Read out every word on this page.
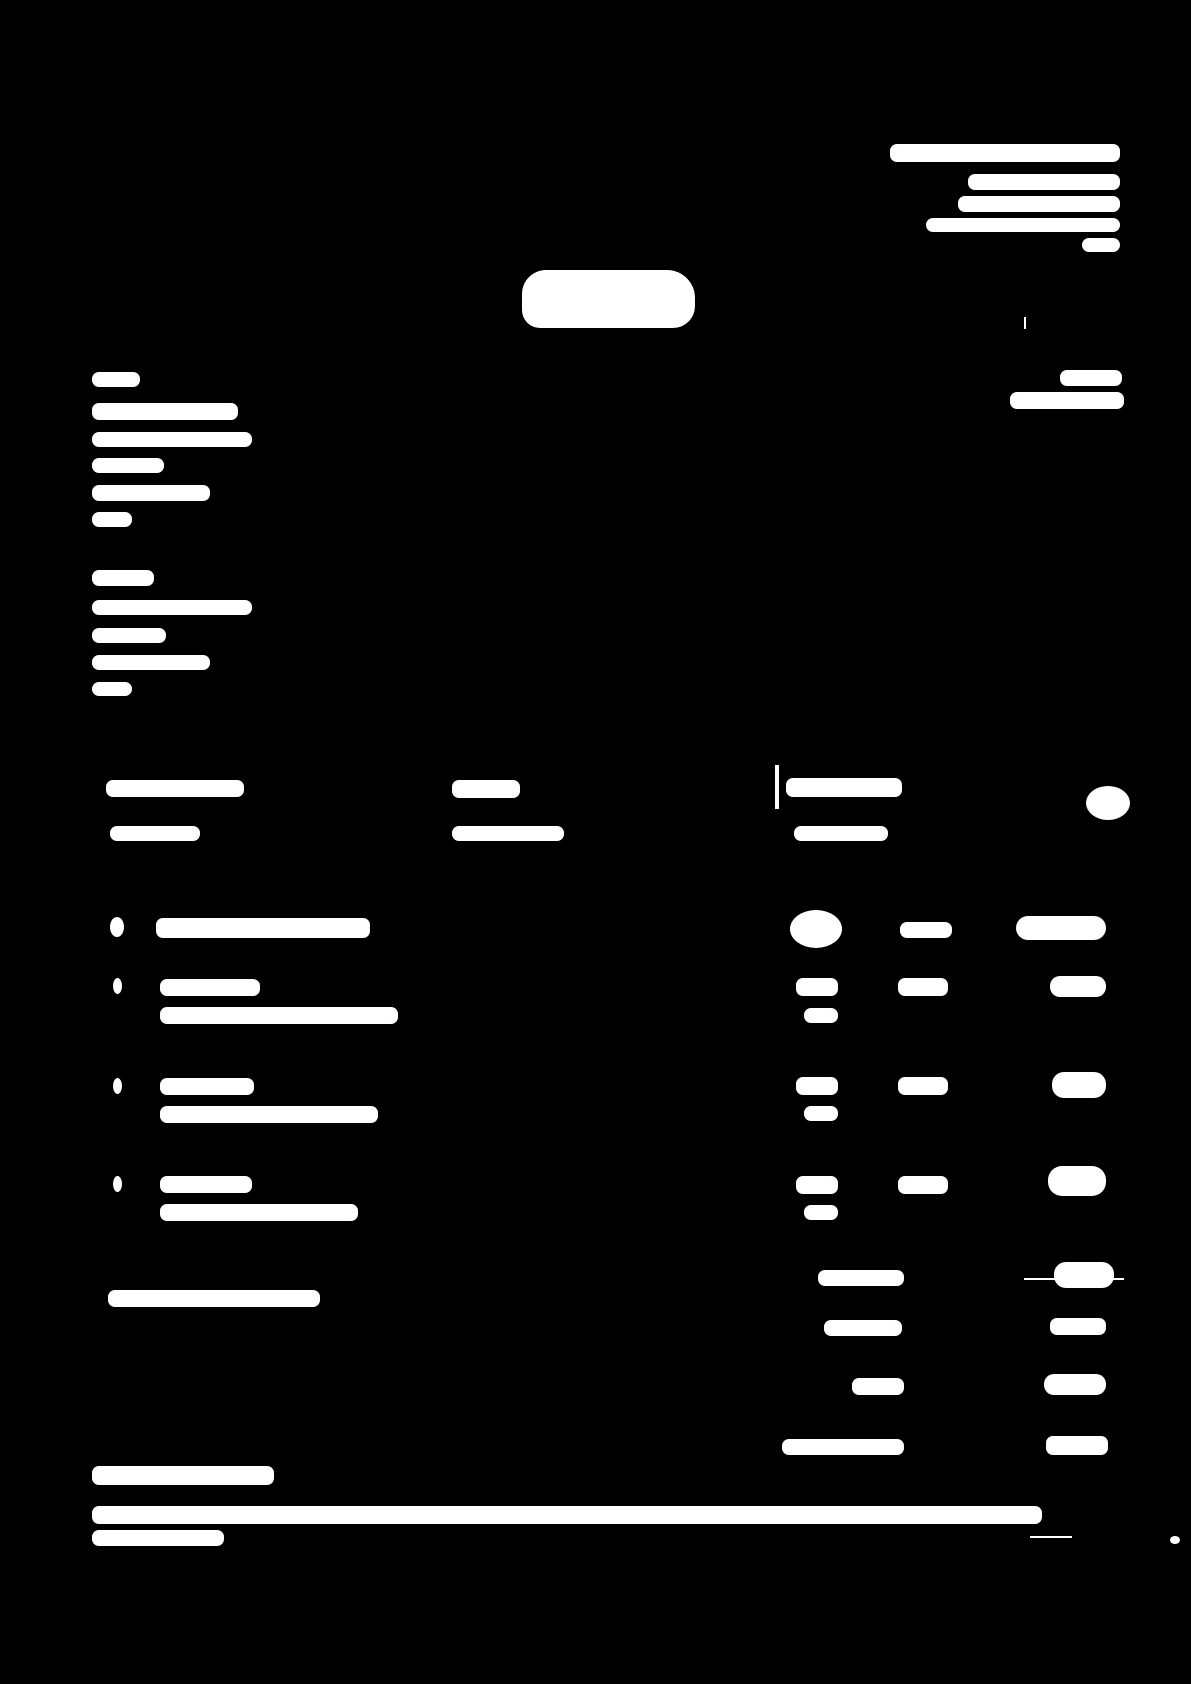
All text on this page is redacted (shown as white blocks).
